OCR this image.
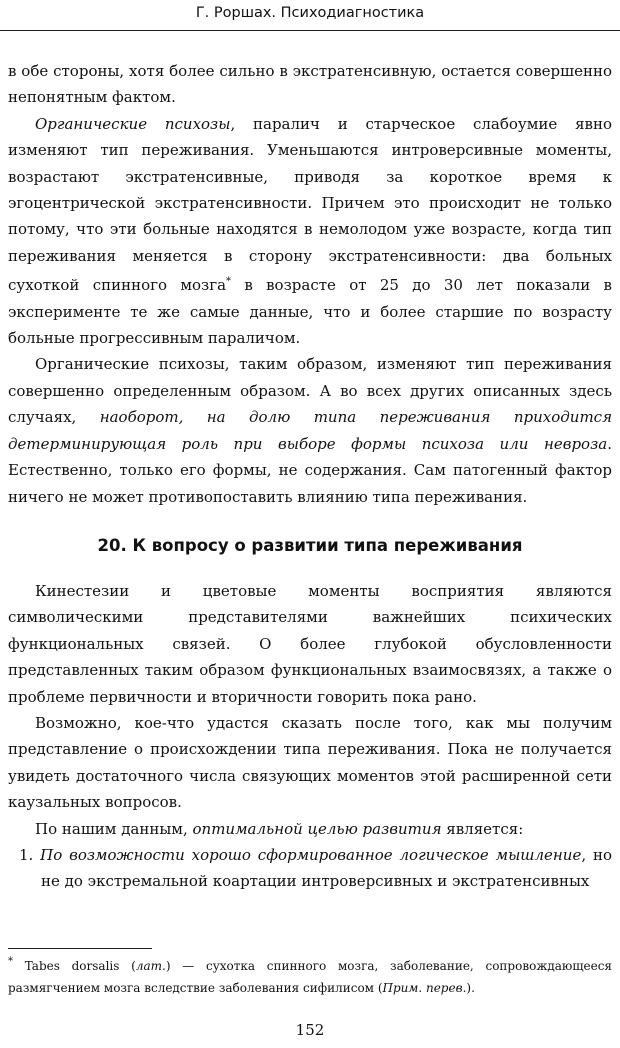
Г. Роршах. Психодиагностика

в обе стороны, хотя более сильно в экстратенсивную, остается совершенно непонятным фактом.

Органические психозы, паралич и старческое слабоумие явно изменяют тип переживания. Уменьшаются интроверсивные моменты, возрастают экстратенсивные, приводя за короткое время к эгоцентрической экстратенсивности. Причем это происходит не только потому, что эти больные находятся в немолодом уже возрасте, когда тип переживания меняется в сторону экстратенсивности: два больных сухоткой спинного мозга* в возрасте от 25 до 30 лет показали в эксперименте те же самые данные, что и более старшие по возрасту больные прогрессивным параличом.

Органические психозы, таким образом, изменяют тип переживания совершенно определенным образом. А во всех других описанных здесь случаях, наоборот, на долю типа переживания приходится детерминирующая роль при выборе формы психоза или невроза. Естественно, только его формы, не содержания. Сам патогенный фактор ничего не может противопоставить влиянию типа переживания.

20. К вопросу о развитии типа переживания

Кинестезии и цветовые моменты восприятия являются символическими представителями важнейших психических функциональных связей. О более глубокой обусловленности представленных таким образом функциональных взаимосвязях, а также о проблеме первичности и вторичности говорить пока рано.

Возможно, кое-что удастся сказать после того, как мы получим представление о происхождении типа переживания. Пока не получается увидеть достаточного числа связующих моментов этой расширенной сети каузальных вопросов.

По нашим данным, оптимальной целью развития является:

1. По возможности хорошо сформированное логическое мышление, но не до экстремальной коартации интроверсивных и экстратенсивных

* Tabes dorsalis (лат.) — сухотка спинного мозга, заболевание, сопровождающееся размягчением мозга вследствие заболевания сифилисом (Прим. перев.).

152
